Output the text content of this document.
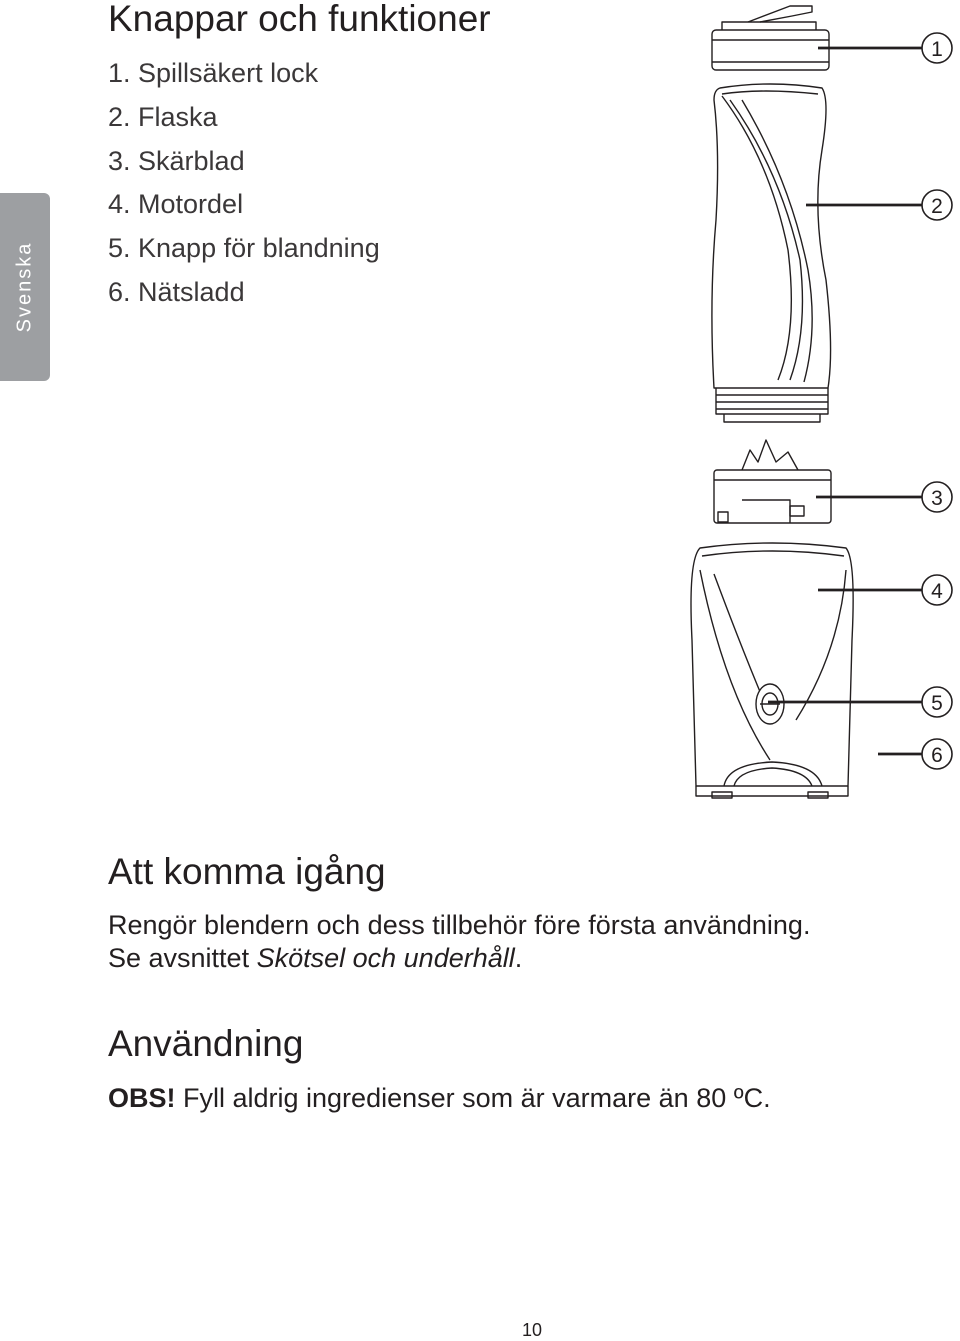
Svenska
Knappar och funktioner
1. Spillsäkert lock
2. Flaska
3. Skärblad
4. Motordel
5. Knapp för blandning
6. Nätsladd
1
2
3
4
5
6
Att komma igång
Rengör blendern och dess tillbehör före första användning.
Se avsnittet Skötsel och underhåll.
Användning
OBS! Fyll aldrig ingredienser som är varmare än 80 ºC.
10
